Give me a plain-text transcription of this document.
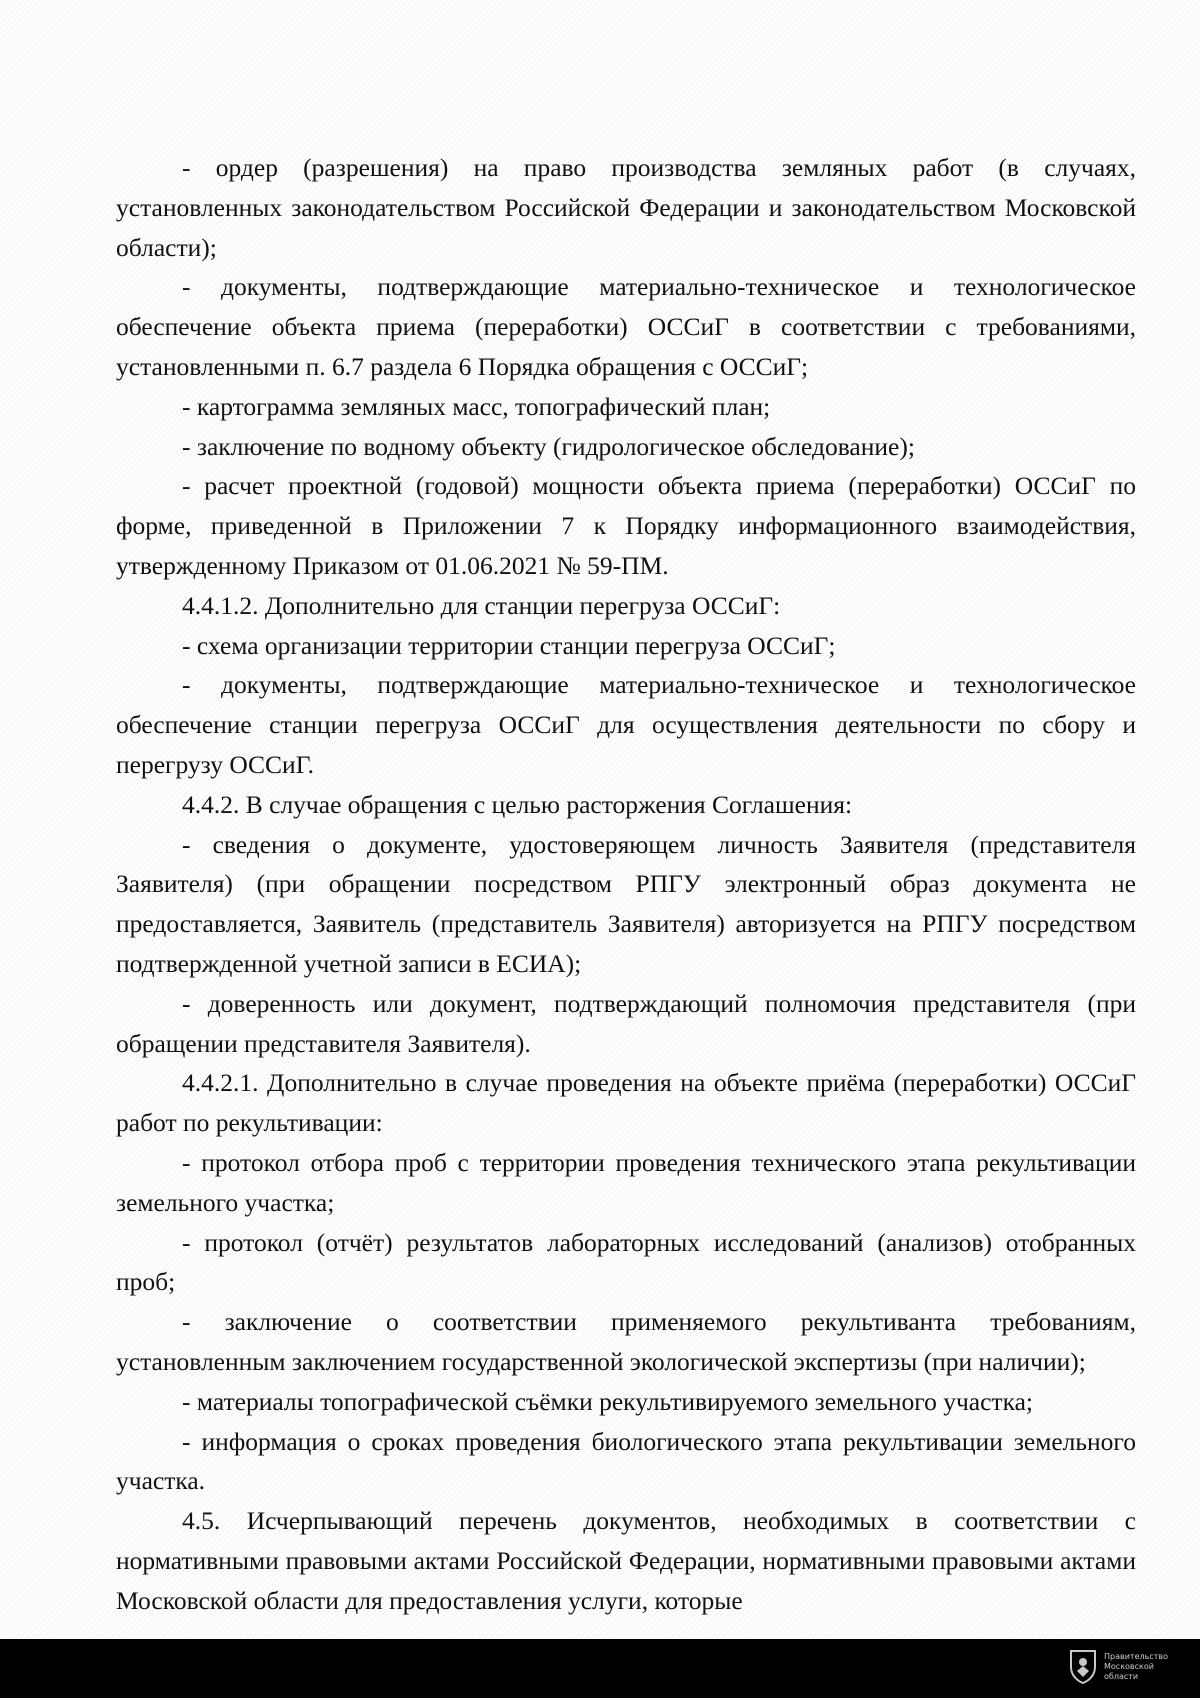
- ордер (разрешения) на право производства земляных работ (в случаях, установленных законодательством Российской Федерации и законодательством Московской области);

- документы, подтверждающие материально-техническое и технологическое обеспечение объекта приема (переработки) ОССиГ в соответствии с требованиями, установленными п. 6.7 раздела 6 Порядка обращения с ОССиГ;

- картограмма земляных масс, топографический план;

- заключение по водному объекту (гидрологическое обследование);

- расчет проектной (годовой) мощности объекта приема (переработки) ОССиГ по форме, приведенной в Приложении 7 к Порядку информационного взаимодействия, утвержденному Приказом от 01.06.2021 № 59-ПМ.

4.4.1.2. Дополнительно для станции перегруза ОССиГ:

- схема организации территории станции перегруза ОССиГ;

- документы, подтверждающие материально-техническое и технологическое обеспечение станции перегруза ОССиГ для осуществления деятельности по сбору и перегрузу ОССиГ.

4.4.2. В случае обращения с целью расторжения Соглашения:

- сведения о документе, удостоверяющем личность Заявителя (представителя Заявителя) (при обращении посредством РПГУ электронный образ документа не предоставляется, Заявитель (представитель Заявителя) авторизуется на РПГУ посредством подтвержденной учетной записи в ЕСИА);

- доверенность или документ, подтверждающий полномочия представителя (при обращении представителя Заявителя).

4.4.2.1. Дополнительно в случае проведения на объекте приёма (переработки) ОССиГ работ по рекультивации:

- протокол отбора проб с территории проведения технического этапа рекультивации земельного участка;

- протокол (отчёт) результатов лабораторных исследований (анализов) отобранных проб;

- заключение о соответствии применяемого рекультиванта требованиям, установленным заключением государственной экологической экспертизы (при наличии);

- материалы топографической съёмки рекультивируемого земельного участка;

- информация о сроках проведения биологического этапа рекультивации земельного участка.

4.5. Исчерпывающий перечень документов, необходимых в соответствии с нормативными правовыми актами Российской Федерации, нормативными правовыми актами Московской области для предоставления услуги, которые

Правительство Московской области
